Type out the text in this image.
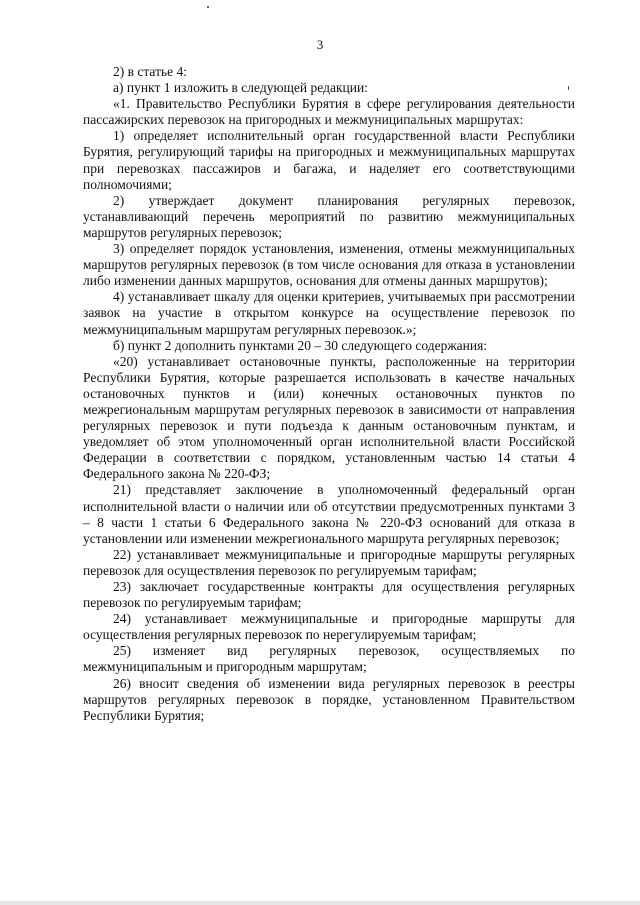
3

2) в статье 4:

а) пункт 1 изложить в следующей редакции:

«1. Правительство Республики Бурятия в сфере регулирования деятельности пассажирских перевозок на пригородных и межмуниципальных маршрутах:

1) определяет исполнительный орган государственной власти Республики Бурятия, регулирующий тарифы на пригородных и межмуниципальных маршрутах при перевозках пассажиров и багажа, и наделяет его соответствующими полномочиями;

2) утверждает документ планирования регулярных перевозок, устанавливающий перечень мероприятий по развитию межмуниципальных маршрутов регулярных перевозок;

3) определяет порядок установления, изменения, отмены межмуниципальных маршрутов регулярных перевозок (в том числе основания для отказа в установлении либо изменении данных маршрутов, основания для отмены данных маршрутов);

4) устанавливает шкалу для оценки критериев, учитываемых при рассмотрении заявок на участие в открытом конкурсе на осуществление перевозок по межмуниципальным маршрутам регулярных перевозок.»;

б) пункт 2 дополнить пунктами 20 – 30 следующего содержания:

«20) устанавливает остановочные пункты, расположенные на территории Республики Бурятия, которые разрешается использовать в качестве начальных остановочных пунктов и (или) конечных остановочных пунктов по межрегиональным маршрутам регулярных перевозок в зависимости от направления регулярных перевозок и пути подъезда к данным остановочным пунктам, и уведомляет об этом уполномоченный орган исполнительной власти Российской Федерации в соответствии с порядком, установленным частью 14 статьи 4 Федерального закона № 220-ФЗ;

21) представляет заключение в уполномоченный федеральный орган исполнительной власти о наличии или об отсутствии предусмотренных пунктами 3 – 8 части 1 статьи 6 Федерального закона № 220-ФЗ оснований для отказа в установлении или изменении межрегионального маршрута регулярных перевозок;

22) устанавливает межмуниципальные и пригородные маршруты регулярных перевозок для осуществления перевозок по регулируемым тарифам;

23) заключает государственные контракты для осуществления регулярных перевозок по регулируемым тарифам;

24) устанавливает межмуниципальные и пригородные маршруты для осуществления регулярных перевозок по нерегулируемым тарифам;

25) изменяет вид регулярных перевозок, осуществляемых по межмуниципальным и пригородным маршрутам;

26) вносит сведения об изменении вида регулярных перевозок в реестры маршрутов регулярных перевозок в порядке, установленном Правительством Республики Бурятия;
